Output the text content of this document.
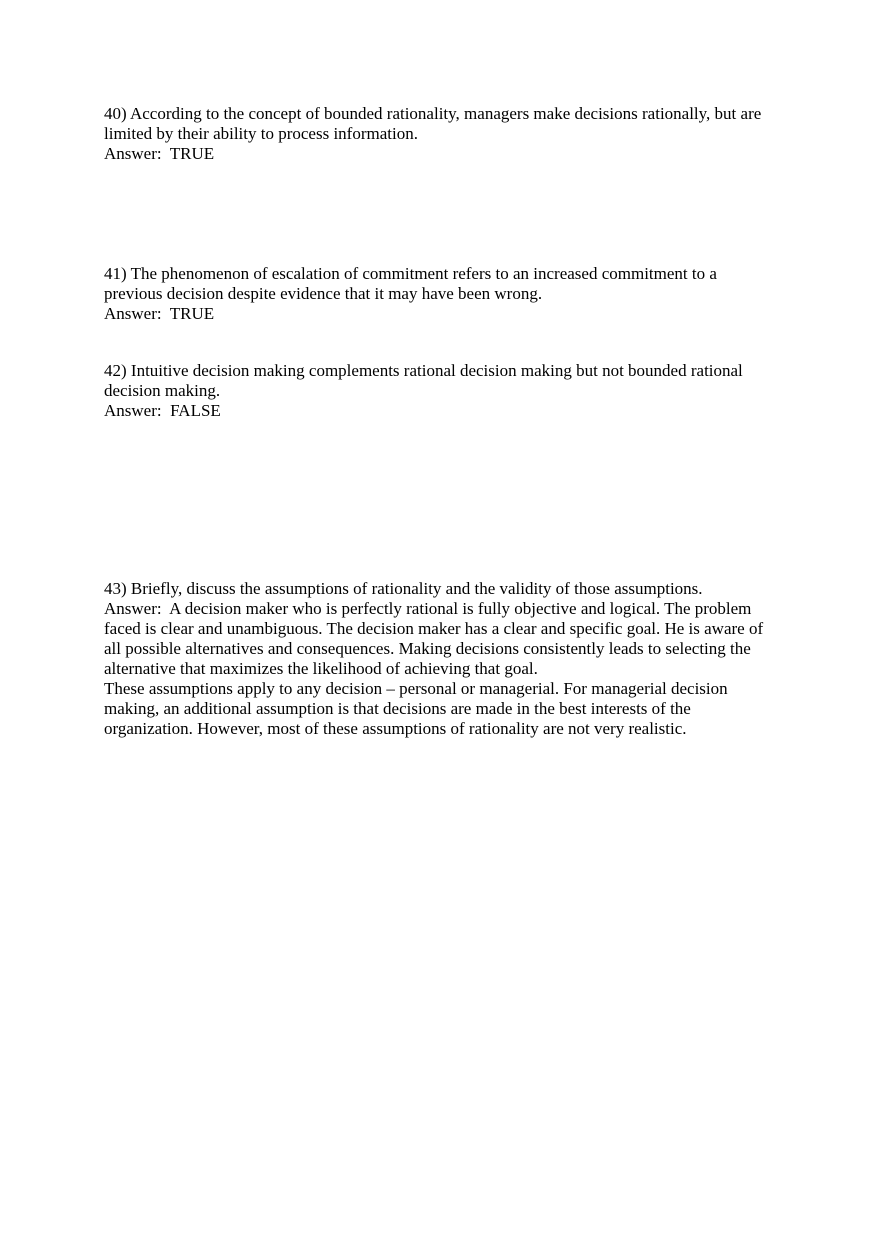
40) According to the concept of bounded rationality, managers make decisions rationally, but are

limited by their ability to process information.

Answer:  TRUE

41) The phenomenon of escalation of commitment refers to an increased commitment to a

previous decision despite evidence that it may have been wrong.

Answer:  TRUE

42) Intuitive decision making complements rational decision making but not bounded rational

decision making.

Answer:  FALSE

43) Briefly, discuss the assumptions of rationality and the validity of those assumptions.

Answer:  A decision maker who is perfectly rational is fully objective and logical. The problem

faced is clear and unambiguous. The decision maker has a clear and specific goal. He is aware of

all possible alternatives and consequences. Making decisions consistently leads to selecting the

alternative that maximizes the likelihood of achieving that goal.

These assumptions apply to any decision – personal or managerial. For managerial decision

making, an additional assumption is that decisions are made in the best interests of the

organization. However, most of these assumptions of rationality are not very realistic.
